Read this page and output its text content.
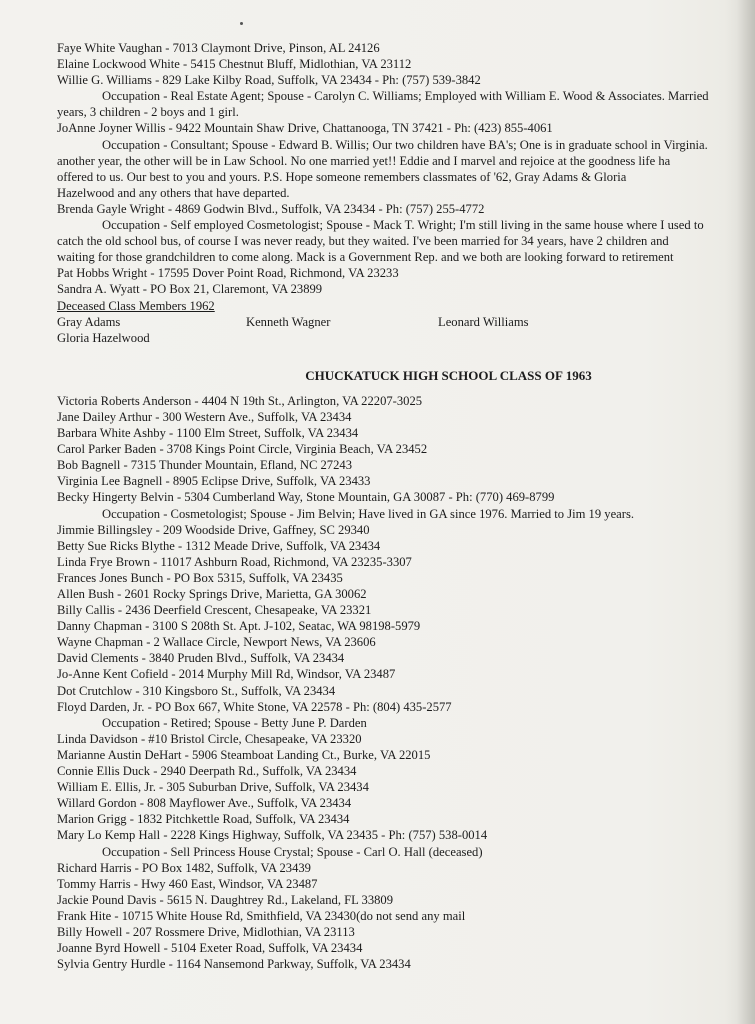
Faye White Vaughan - 7013 Claymont Drive, Pinson, AL 24126
Elaine Lockwood White - 5415 Chestnut Bluff, Midlothian, VA 23112
Willie G. Williams - 829 Lake Kilby Road, Suffolk, VA 23434 - Ph: (757) 539-3842
Occupation - Real Estate Agent; Spouse - Carolyn C. Williams; Employed with William E. Wood & Associates. Married
years, 3 children - 2 boys and 1 girl.
JoAnne Joyner Willis - 9422 Mountain Shaw Drive, Chattanooga, TN 37421 - Ph: (423) 855-4061
Occupation - Consultant; Spouse - Edward B. Willis; Our two children have BA's; One is in graduate school in Virginia.
another year, the other will be in Law School. No one married yet!! Eddie and I marvel and rejoice at the goodness life ha
offered to us. Our best to you and yours. P.S. Hope someone remembers classmates of '62, Gray Adams & Gloria
Hazelwood and any others that have departed.
Brenda Gayle Wright - 4869 Godwin Blvd., Suffolk, VA 23434 - Ph: (757) 255-4772
Occupation - Self employed Cosmetologist; Spouse - Mack T. Wright; I'm still living in the same house where I used to
catch the old school bus, of course I was never ready, but they waited. I've been married for 34 years, have 2 children and
waiting for those grandchildren to come along. Mack is a Government Rep. and we both are looking forward to retirement
Pat Hobbs Wright - 17595 Dover Point Road, Richmond, VA 23233
Sandra A. Wyatt - PO Box 21, Claremont, VA 23899
Deceased Class Members 1962
Gray Adams	Kenneth Wagner	Leonard Williams
Gloria Hazelwood
CHUCKATUCK HIGH SCHOOL CLASS OF 1963
Victoria Roberts Anderson - 4404 N 19th St., Arlington, VA 22207-3025
Jane Dailey Arthur - 300 Western Ave., Suffolk, VA 23434
Barbara White Ashby - 1100 Elm Street, Suffolk, VA 23434
Carol Parker Baden - 3708 Kings Point Circle, Virginia Beach, VA 23452
Bob Bagnell - 7315 Thunder Mountain, Efland, NC 27243
Virginia Lee Bagnell - 8905 Eclipse Drive, Suffolk, VA 23433
Becky Hingerty Belvin - 5304 Cumberland Way, Stone Mountain, GA 30087 - Ph: (770) 469-8799
Occupation - Cosmetologist; Spouse - Jim Belvin; Have lived in GA since 1976. Married to Jim 19 years.
Jimmie Billingsley - 209 Woodside Drive, Gaffney, SC 29340
Betty Sue Ricks Blythe - 1312 Meade Drive, Suffolk, VA 23434
Linda Frye Brown - 11017 Ashburn Road, Richmond, VA 23235-3307
Frances Jones Bunch - PO Box 5315, Suffolk, VA 23435
Allen Bush - 2601 Rocky Springs Drive, Marietta, GA 30062
Billy Callis - 2436 Deerfield Crescent, Chesapeake, VA 23321
Danny Chapman - 3100 S 208th St. Apt. J-102, Seatac, WA 98198-5979
Wayne Chapman - 2 Wallace Circle, Newport News, VA 23606
David Clements - 3840 Pruden Blvd., Suffolk, VA 23434
Jo-Anne Kent Cofield - 2014 Murphy Mill Rd, Windsor, VA 23487
Dot Crutchlow - 310 Kingsboro St., Suffolk, VA 23434
Floyd Darden, Jr. - PO Box 667, White Stone, VA 22578 - Ph: (804) 435-2577
Occupation - Retired; Spouse - Betty June P. Darden
Linda Davidson - #10 Bristol Circle, Chesapeake, VA 23320
Marianne Austin DeHart - 5906 Steamboat Landing Ct., Burke, VA 22015
Connie Ellis Duck - 2940 Deerpath Rd., Suffolk, VA 23434
William E. Ellis, Jr. - 305 Suburban Drive, Suffolk, VA 23434
Willard Gordon - 808 Mayflower Ave., Suffolk, VA 23434
Marion Grigg - 1832 Pitchkettle Road, Suffolk, VA 23434
Mary Lo Kemp Hall - 2228 Kings Highway, Suffolk, VA 23435 - Ph: (757) 538-0014
Occupation - Sell Princess House Crystal; Spouse - Carl O. Hall (deceased)
Richard Harris - PO Box 1482, Suffolk, VA 23439
Tommy Harris - Hwy 460 East, Windsor, VA 23487
Jackie Pound Davis - 5615 N. Daughtrey Rd., Lakeland, FL 33809
Frank Hite - 10715 White House Rd, Smithfield, VA 23430(do not send any mail
Billy Howell - 207 Rossmere Drive, Midlothian, VA 23113
Joanne Byrd Howell - 5104 Exeter Road, Suffolk, VA 23434
Sylvia Gentry Hurdle - 1164 Nansemond Parkway, Suffolk, VA 23434
